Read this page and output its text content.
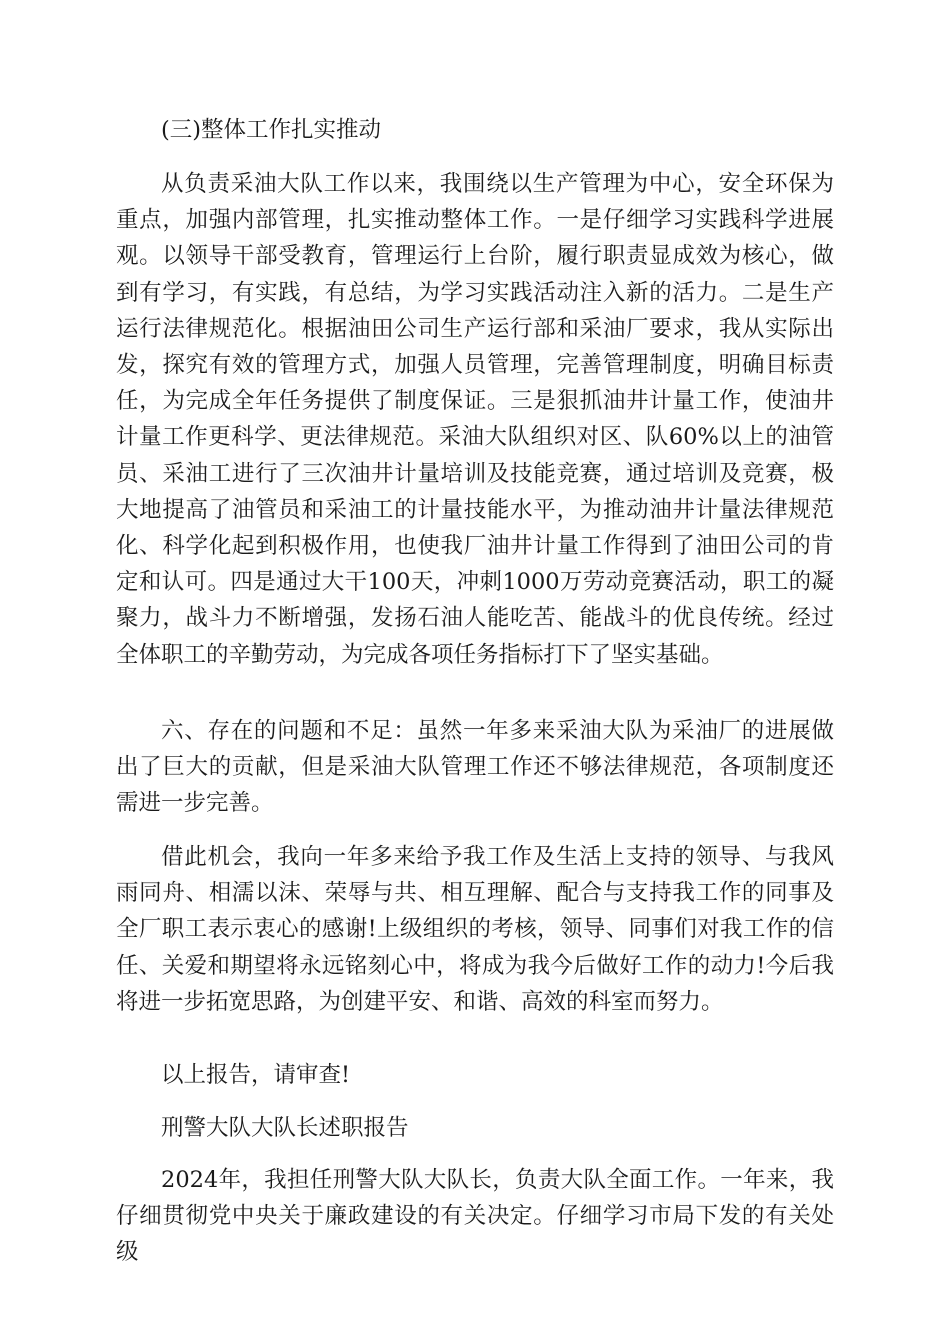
(三)整体工作扎实推动

从负责采油大队工作以来，我围绕以生产管理为中心，安全环保为重点，加强内部管理，扎实推动整体工作。一是仔细学习实践科学进展观。以领导干部受教育，管理运行上台阶，履行职责显成效为核心，做到有学习，有实践，有总结，为学习实践活动注入新的活力。二是生产运行法律规范化。根据油田公司生产运行部和采油厂要求，我从实际出发，探究有效的管理方式，加强人员管理，完善管理制度，明确目标责任，为完成全年任务提供了制度保证。三是狠抓油井计量工作，使油井计量工作更科学、更法律规范。采油大队组织对区、队60%以上的油管员、采油工进行了三次油井计量培训及技能竞赛，通过培训及竞赛，极大地提高了油管员和采油工的计量技能水平，为推动油井计量法律规范化、科学化起到积极作用，也使我厂油井计量工作得到了油田公司的肯定和认可。四是通过大干100天，冲刺1000万劳动竞赛活动，职工的凝聚力，战斗力不断增强，发扬石油人能吃苦、能战斗的优良传统。经过全体职工的辛勤劳动，为完成各项任务指标打下了坚实基础。

六、存在的问题和不足：虽然一年多来采油大队为采油厂的进展做出了巨大的贡献，但是采油大队管理工作还不够法律规范，各项制度还需进一步完善。

借此机会，我向一年多来给予我工作及生活上支持的领导、与我风雨同舟、相濡以沫、荣辱与共、相互理解、配合与支持我工作的同事及全厂职工表示衷心的感谢!上级组织的考核，领导、同事们对我工作的信任、关爱和期望将永远铭刻心中，将成为我今后做好工作的动力!今后我将进一步拓宽思路，为创建平安、和谐、高效的科室而努力。

以上报告，请审查!

刑警大队大队长述职报告

2024年，我担任刑警大队大队长，负责大队全面工作。一年来，我仔细贯彻党中央关于廉政建设的有关决定。仔细学习市局下发的有关处级
